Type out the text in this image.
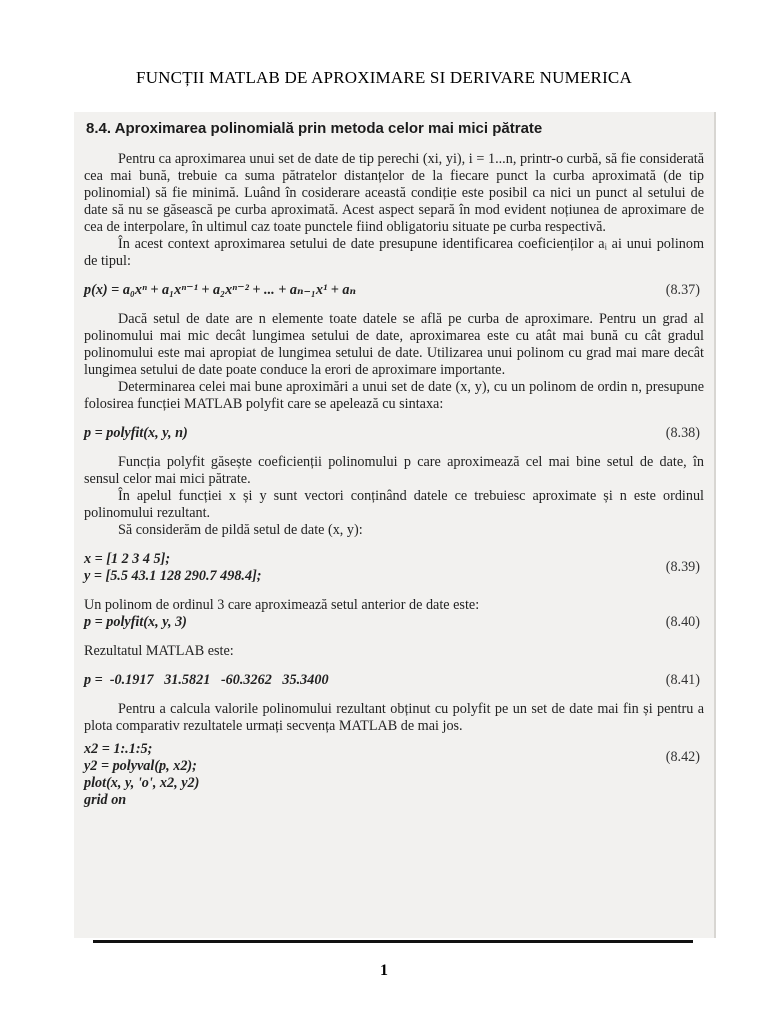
FUNCȚII MATLAB DE APROXIMARE SI DERIVARE NUMERICA
8.4. Aproximarea polinomială prin metoda celor mai mici pătrate

Pentru ca aproximarea unui set de date de tip perechi (xi, yi), i = 1...n, printr-o curbă, să fie considerată cea mai bună, trebuie ca suma pătratelor distanțelor de la fiecare punct la curba aproximată (de tip polinomial) să fie minimă. Luând în cosiderare această condiție este posibil ca nici un punct al setului de date să nu se găsească pe curba aproximată. Acest aspect separă în mod evident noțiunea de aproximare de cea de interpolare, în ultimul caz toate punctele fiind obligatoriu situate pe curba respectivă.

În acest context aproximarea setului de date presupune identificarea coeficienților aᵢ ai unui polinom de tipul:

p(x) = a₀xⁿ + a₁xⁿ⁻¹ + a₂xⁿ⁻² + ... + aₙ₋₁x¹ + aₙ	(8.37)

Dacă setul de date are n elemente toate datele se află pe curba de aproximare. Pentru un grad al polinomului mai mic decât lungimea setului de date, aproximarea este cu atât mai bună cu cât gradul polinomului este mai apropiat de lungimea setului de date. Utilizarea unui polinom cu grad mai mare decât lungimea setului de date poate conduce la erori de aproximare importante.

Determinarea celei mai bune aproximări a unui set de date (x, y), cu un polinom de ordin n, presupune folosirea funcției MATLAB polyfit care se apelează cu sintaxa:

p = polyfit(x, y, n)	(8.38)

Funcția polyfit găsește coeficienții polinomului p care aproximează cel mai bine setul de date, în sensul celor mai mici pătrate.

În apelul funcției x și y sunt vectori conținând datele ce trebuiesc aproximate și n este ordinul polinomului rezultant.

Să considerăm de pildă setul de date (x, y):

x = [1 2 3 4 5];
y = [5.5 43.1 128 290.7 498.4];
(8.39)

Un polinom de ordinul 3 care aproximează setul anterior de date este:

p = polyfit(x, y, 3)	(8.40)

Rezultatul MATLAB este:

p =  -0.1917   31.5821   -60.3262   35.3400	(8.41)

Pentru a calcula valorile polinomului rezultant obținut cu polyfit pe un set de date mai fin și pentru a plota comparativ rezultatele urmați secvența MATLAB de mai jos.

x2 = 1:.1:5;
y2 = polyval(p, x2);
plot(x, y, 'o', x2, y2)
grid on
(8.42)
1
